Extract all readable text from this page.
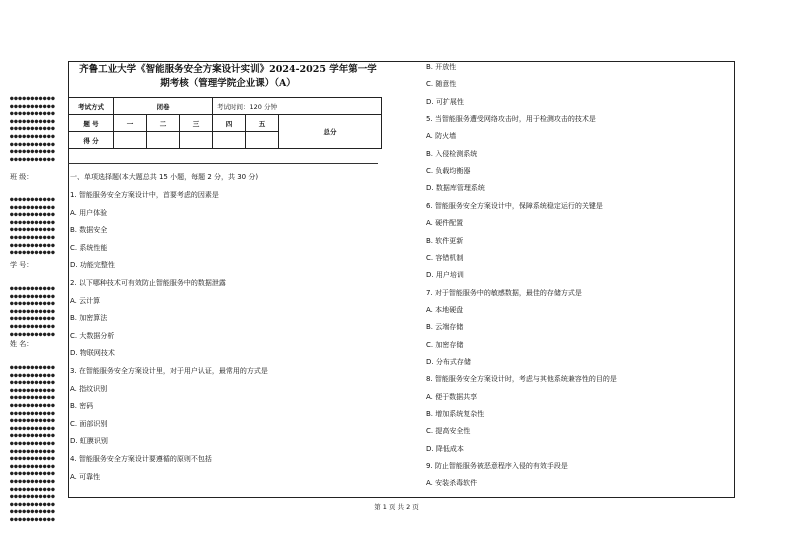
●●●●●●●●●●●
●●●●●●●●●●●
●●●●●●●●●●●
●●●●●●●●●●●
●●●●●●●●●●●
●●●●●●●●●●●
●●●●●●●●●●●
●●●●●●●●●●●
●●●●●●●●●●●
●●●●●●●●●●●
●●●●●●●●●●●
●●●●●●●●●●●
●●●●●●●●●●●
●●●●●●●●●●●
●●●●●●●●●●●
●●●●●●●●●●●
●●●●●●●●●●●
●●●●●●●●●●●
●●●●●●●●●●●
●●●●●●●●●●●
●●●●●●●●●●●
●●●●●●●●●●●
●●●●●●●●●●●
●●●●●●●●●●●
●●●●●●●●●●●
●●●●●●●●●●●
●●●●●●●●●●●
●●●●●●●●●●●
●●●●●●●●●●●
●●●●●●●●●●●
●●●●●●●●●●●
●●●●●●●●●●●
●●●●●●●●●●●
●●●●●●●●●●●
●●●●●●●●●●●
●●●●●●●●●●●
●●●●●●●●●●●
●●●●●●●●●●●
●●●●●●●●●●●
●●●●●●●●●●●
●●●●●●●●●●●
●●●●●●●●●●●
●●●●●●●●●●●
●●●●●●●●●●●
●●●●●●●●●●●
班 级：
学 号：
姓 名：
齐鲁工业大学《智能服务安全方案设计实训》2024-2025 学年第一学
期考核（管理学院企业课）（A）
考试方式	闭卷			考试时间：120 分钟		
题 号	一	二	三	四	五	总分
得 分						
一、单项选择题(本大题总共 15 小题，每题 2 分，共 30 分)
1. 智能服务安全方案设计中，首要考虑的因素是
A. 用户体验
B. 数据安全
C. 系统性能
D. 功能完整性
2. 以下哪种技术可有效防止智能服务中的数据泄露
A. 云计算
B. 加密算法
C. 大数据分析
D. 物联网技术
3. 在智能服务安全方案设计里，对于用户认证，最常用的方式是
A. 指纹识别
B. 密码
C. 面部识别
D. 虹膜识别
4. 智能服务安全方案设计要遵循的原则不包括
A. 可靠性
B. 开放性
C. 随意性
D. 可扩展性
5. 当智能服务遭受网络攻击时，用于检测攻击的技术是
A. 防火墙
B. 入侵检测系统
C. 负载均衡器
D. 数据库管理系统
6. 智能服务安全方案设计中，保障系统稳定运行的关键是
A. 硬件配置
B. 软件更新
C. 容错机制
D. 用户培训
7. 对于智能服务中的敏感数据，最佳的存储方式是
A. 本地硬盘
B. 云端存储
C. 加密存储
D. 分布式存储
8. 智能服务安全方案设计时，考虑与其他系统兼容性的目的是
A. 便于数据共享
B. 增加系统复杂性
C. 提高安全性
D. 降低成本
9. 防止智能服务被恶意程序入侵的有效手段是
A. 安装杀毒软件
第 1 页 共 2 页
